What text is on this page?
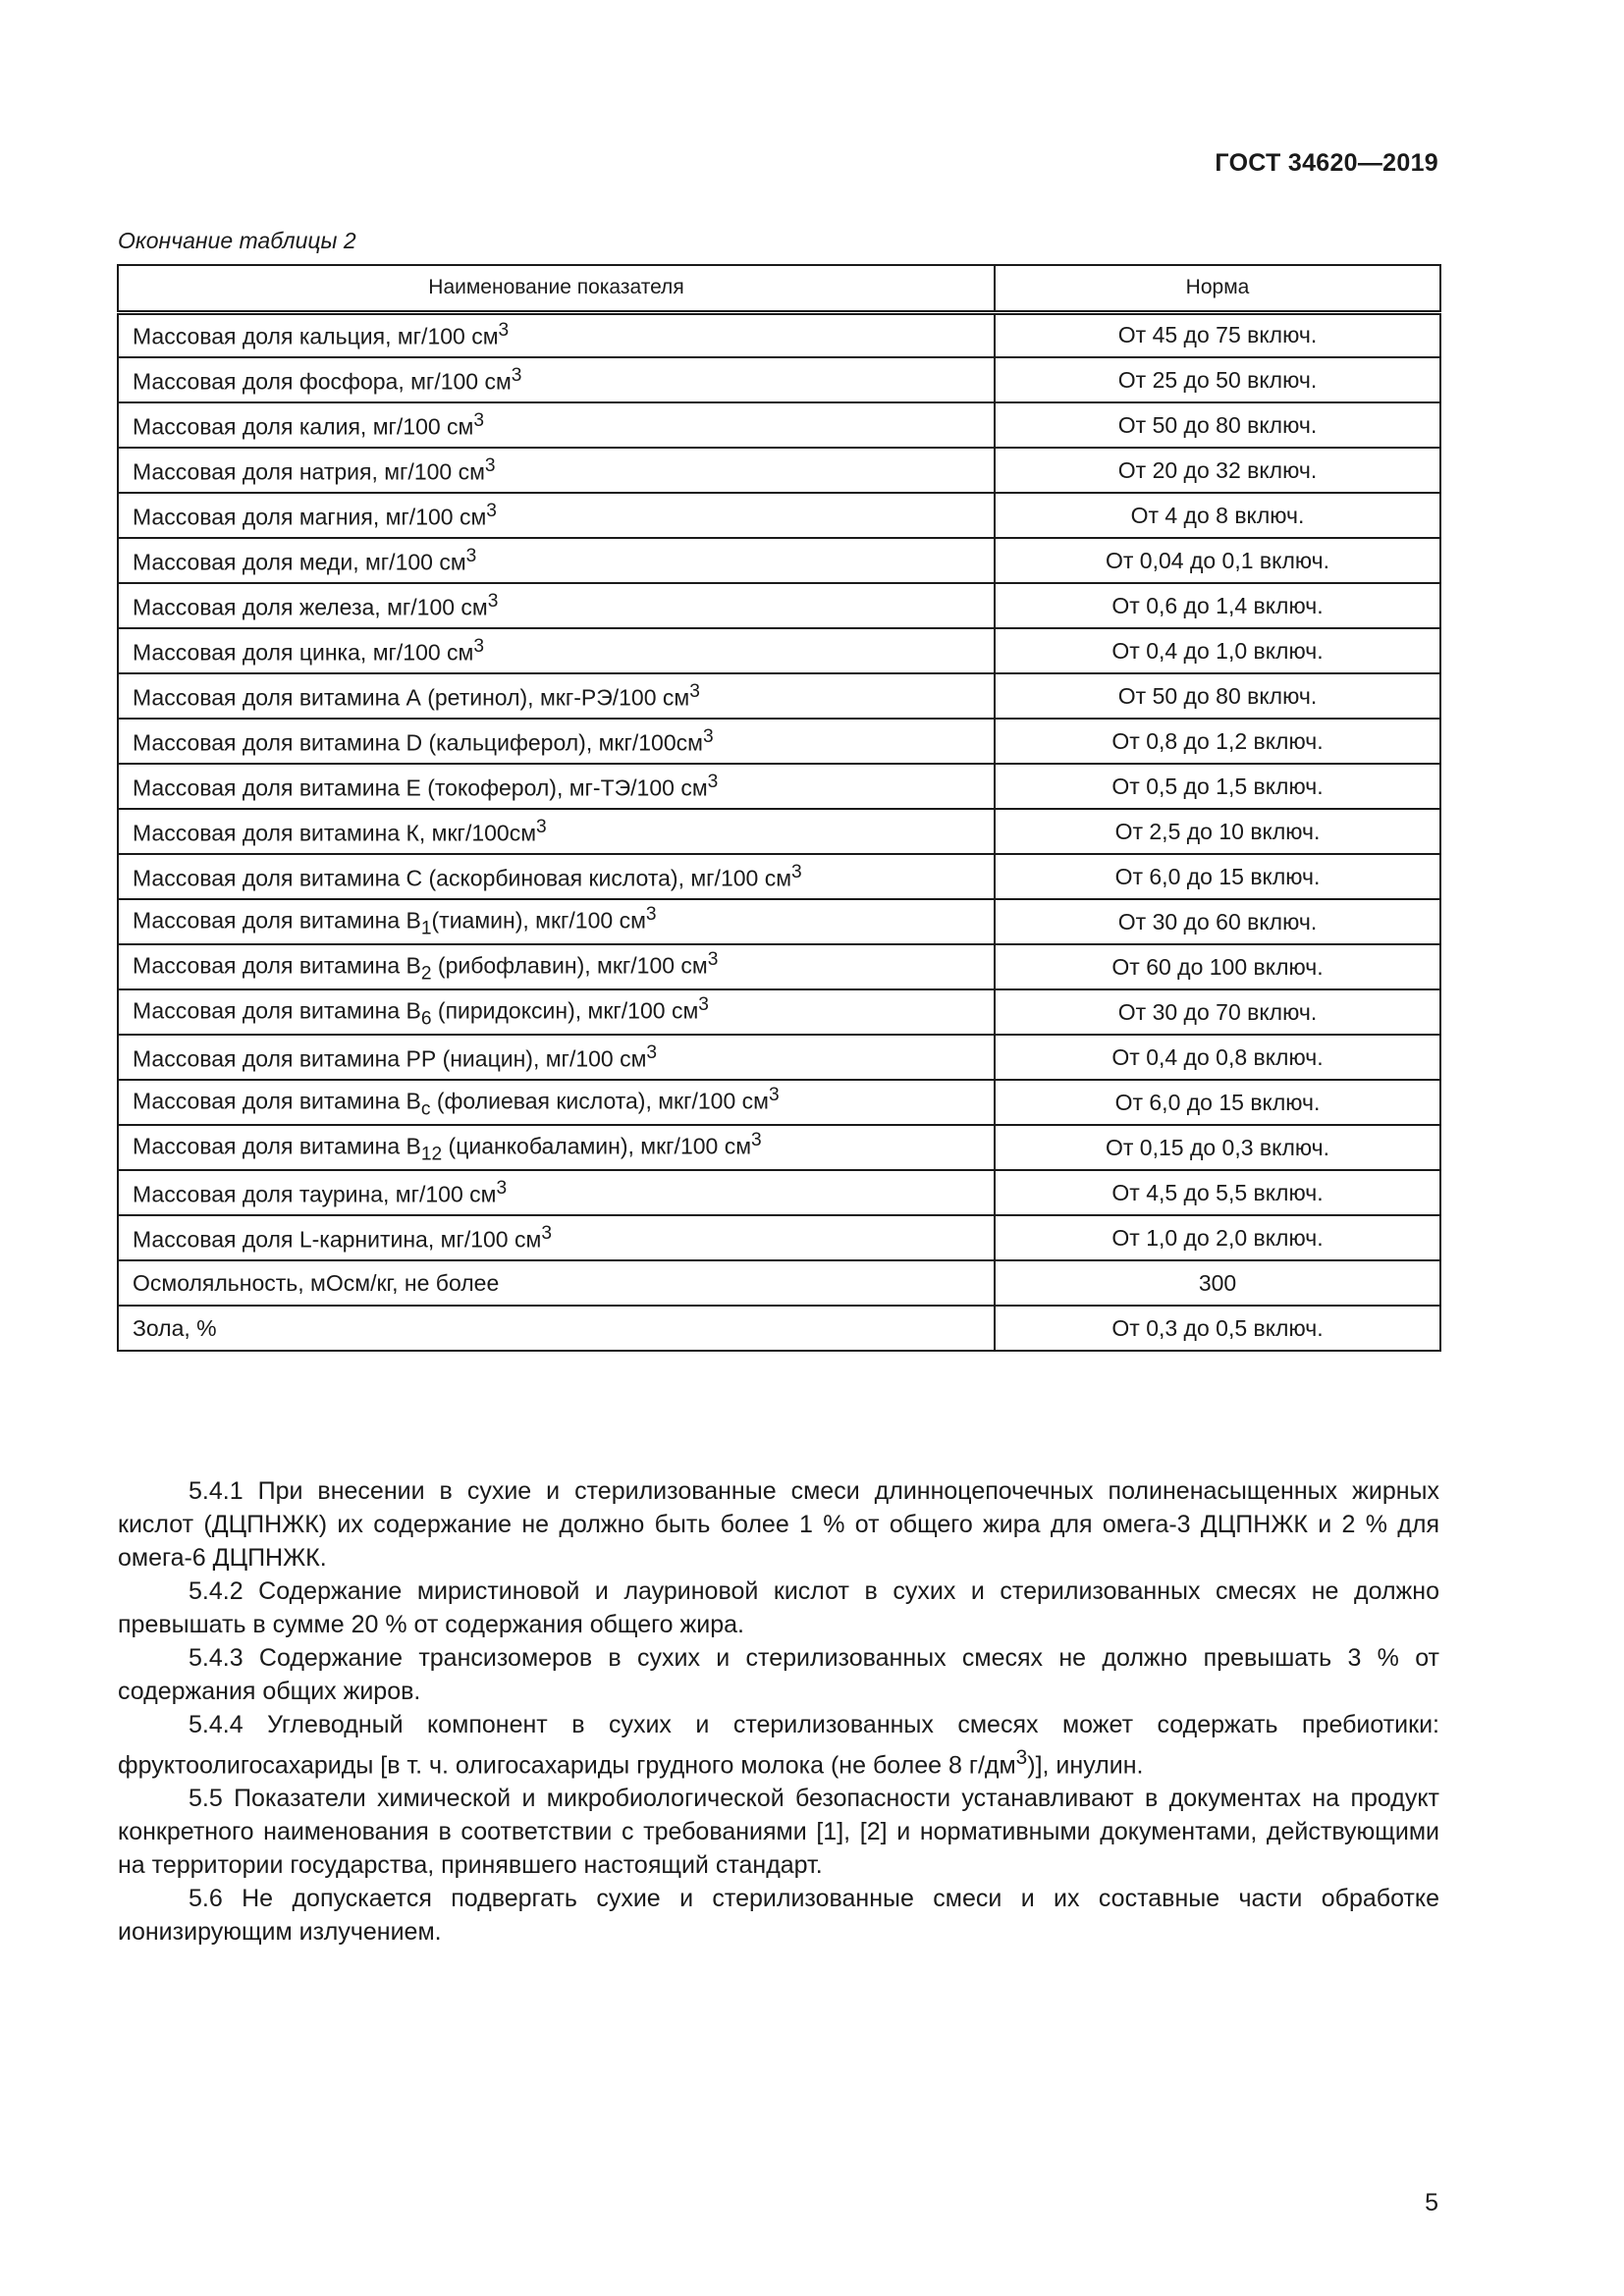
ГОСТ 34620—2019
Окончание таблицы 2
Наименование показателя	Норма
Массовая доля кальция, мг/100 $см^3$	От 45 до 75 включ.
Массовая доля фосфора, мг/100 $см^3$	От 25 до 50 включ.
Массовая доля калия, мг/100 $см^3$	От 50 до 80 включ.
Массовая доля натрия, мг/100 $см^3$	От 20 до 32 включ.
Массовая доля магния, мг/100 $см^3$	От 4 до 8 включ.
Массовая доля меди, мг/100 $см^3$	От 0,04 до 0,1 включ.
Массовая доля железа, мг/100 $см^3$	От 0,6 до 1,4 включ.
Массовая доля цинка, мг/100 $см^3$	От 0,4 до 1,0 включ.
Массовая доля витамина А (ретинол), мкг-РЭ/100 $см^3$	От 50 до 80 включ.
Массовая доля витамина D (кальциферол), мкг/$100см^3$	От 0,8 до 1,2 включ.
Массовая доля витамина Е (токоферол), мг-ТЭ/100 $см^3$	От 0,5 до 1,5 включ.
Массовая доля витамина К, мкг/$100см^3$	От 2,5 до 10 включ.
Массовая доля витамина С (аскорбиновая кислота), мг/100 $см^3$	От 6,0 до 15 включ.
Массовая доля витамина $B_1(тиамин)$, мкг/100 $см^3$	От 30 до 60 включ.
Массовая доля витамина $B_2$ (рибофлавин), мкг/100 $см^3$	От 60 до 100 включ.
Массовая доля витамина $B_6$ (пиридоксин), мкг/100 $см^3$	От 30 до 70 включ.
Массовая доля витамина РР (ниацин), мг/100 $см^3$	От 0,4 до 0,8 включ.
Массовая доля витамина $B_c$ (фолиевая кислота), мкг/100 $см^3$	От 6,0 до 15 включ.
Массовая доля витамина $B_{12}$ (цианкобаламин), мкг/100 $см^3$	От 0,15 до 0,3 включ.
Массовая доля таурина, мг/100 $см^3$	От 4,5 до 5,5 включ.
Массовая доля L-карнитина, мг/100 $см^3$	От 1,0 до 2,0 включ.
Осмоляльность, мОсм/кг, не более	300
Зола, %	От 0,3 до 0,5 включ.

5.4.1 При внесении в сухие и стерилизованные смеси длинноцепочечных полиненасыщенных жирных кислот (ДЦПНЖК) их содержание не должно быть более 1 % от общего жира для омега-3 ДЦПНЖК и 2 % для омега-6 ДЦПНЖК.

5.4.2 Содержание миристиновой и лауриновой кислот в сухих и стерилизованных смесях не должно превышать в сумме 20 % от содержания общего жира.

5.4.3 Содержание трансизомеров в сухих и стерилизованных смесях не должно превышать 3 % от содержания общих жиров.

5.4.4 Углеводный компонент в сухих и стерилизованных смесях может содержать пребиотики: фруктоолигосахариды [в т. ч. олигосахариды грудного молока (не более 8 $г/дм^3$)], инулин.

5.5 Показатели химической и микробиологической безопасности устанавливают в документах на продукт конкретного наименования в соответствии с требованиями [1], [2] и нормативными документами, действующими на территории государства, принявшего настоящий стандарт.

5.6 Не допускается подвергать сухие и стерилизованные смеси и их составные части обработке ионизирующим излучением.

5
